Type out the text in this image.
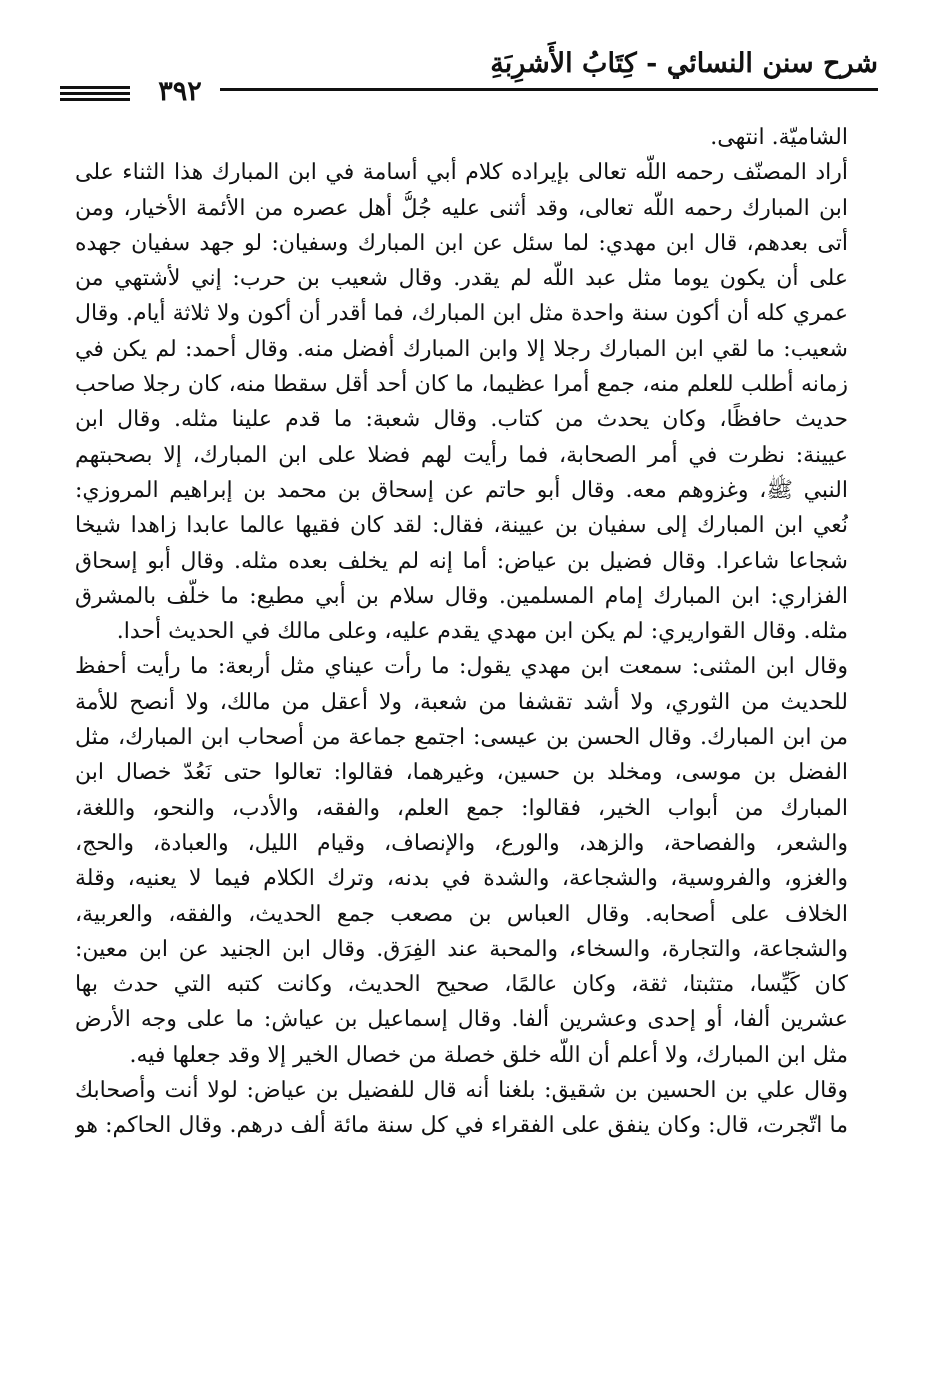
شرح سنن النسائي - كِتَابُ الأَشرِبَةِ
٣٩٢
الشاميّة. انتهى.
أراد المصنّف رحمه اللّه تعالى بإيراده كلام أبي أسامة في ابن المبارك هذا الثناء على
ابن المبارك رحمه اللّه تعالى، وقد أثنى عليه جُلُّ أهل عصره من الأئمة الأخيار، ومن
أتى بعدهم، قال ابن مهدي: لما سئل عن ابن المبارك وسفيان: لو جهد سفيان جهده
على أن يكون يوما مثل عبد اللّه لم يقدر. وقال شعيب بن حرب: إني لأشتهي من
عمري كله أن أكون سنة واحدة مثل ابن المبارك، فما أقدر أن أكون ولا ثلاثة أيام. وقال
شعيب: ما لقي ابن المبارك رجلا إلا وابن المبارك أفضل منه. وقال أحمد: لم يكن في
زمانه أطلب للعلم منه، جمع أمرا عظيما، ما كان أحد أقل سقطا منه، كان رجلا صاحب
حديث حافظًا، وكان يحدث من كتاب. وقال شعبة: ما قدم علينا مثله. وقال ابن
عيينة: نظرت في أمر الصحابة، فما رأيت لهم فضلا على ابن المبارك، إلا بصحبتهم
النبي ﷺ، وغزوهم معه. وقال أبو حاتم عن إسحاق بن محمد بن إبراهيم المروزي:
نُعي ابن المبارك إلى سفيان بن عيينة، فقال: لقد كان فقيها عالما عابدا زاهدا شيخا
شجاعا شاعرا. وقال فضيل بن عياض: أما إنه لم يخلف بعده مثله. وقال أبو إسحاق
الفزاري: ابن المبارك إمام المسلمين. وقال سلام بن أبي مطيع: ما خلّف بالمشرق
مثله. وقال القواريري: لم يكن ابن مهدي يقدم عليه، وعلى مالك في الحديث أحدا.
وقال ابن المثنى: سمعت ابن مهدي يقول: ما رأت عيناي مثل أربعة: ما رأيت أحفظ
للحديث من الثوري، ولا أشد تقشفا من شعبة، ولا أعقل من مالك، ولا أنصح للأمة
من ابن المبارك. وقال الحسن بن عيسى: اجتمع جماعة من أصحاب ابن المبارك، مثل
الفضل بن موسى، ومخلد بن حسين، وغيرهما، فقالوا: تعالوا حتى نَعُدّ خصال ابن
المبارك من أبواب الخير، فقالوا: جمع العلم، والفقه، والأدب، والنحو، واللغة،
والشعر، والفصاحة، والزهد، والورع، والإنصاف، وقيام الليل، والعبادة، والحج،
والغزو، والفروسية، والشجاعة، والشدة في بدنه، وترك الكلام فيما لا يعنيه، وقلة
الخلاف على أصحابه. وقال العباس بن مصعب جمع الحديث، والفقه، والعربية،
والشجاعة، والتجارة، والسخاء، والمحبة عند الفِرَق. وقال ابن الجنيد عن ابن معين:
كان كَيِّسا، متثبتا، ثقة، وكان عالمًا، صحيح الحديث، وكانت كتبه التي حدث بها
عشرين ألفا، أو إحدى وعشرين ألفا. وقال إسماعيل بن عياش: ما على وجه الأرض
مثل ابن المبارك، ولا أعلم أن اللّه خلق خصلة من خصال الخير إلا وقد جعلها فيه.
وقال علي بن الحسين بن شقيق: بلغنا أنه قال للفضيل بن عياض: لولا أنت وأصحابك
ما اتّجرت، قال: وكان ينفق على الفقراء في كل سنة مائة ألف درهم. وقال الحاكم: هو
